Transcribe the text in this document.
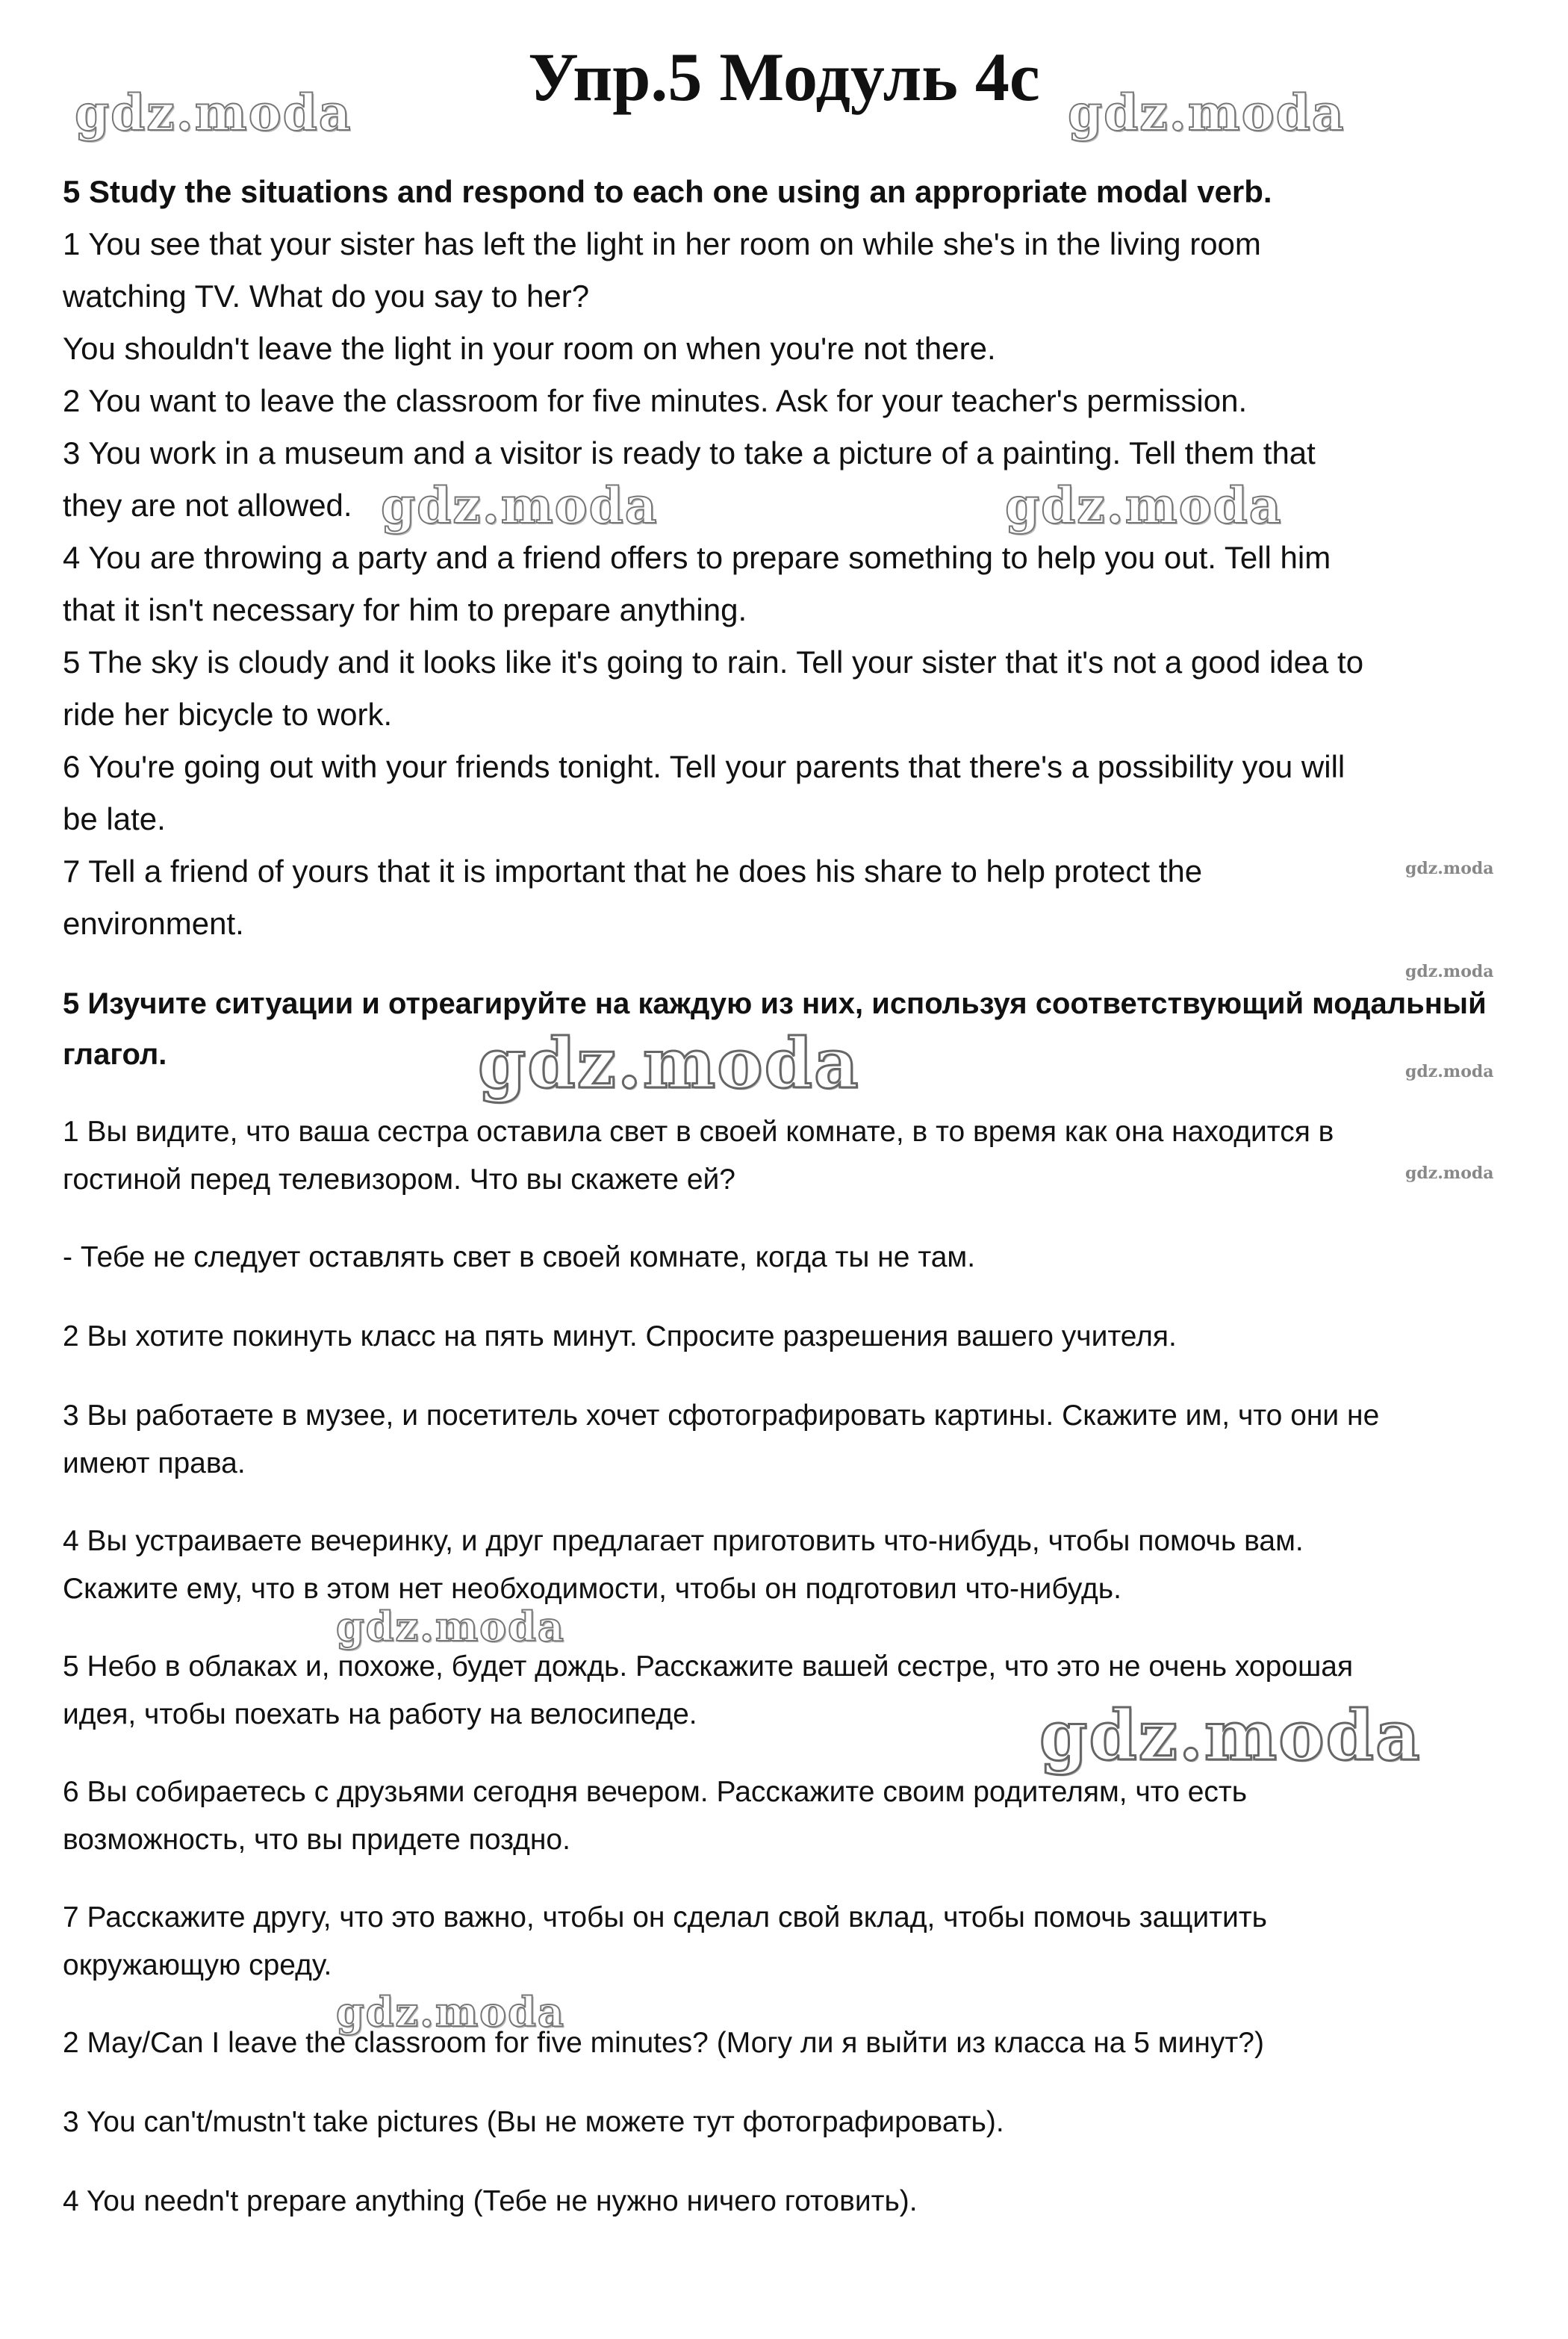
Упр.5 Модуль 4с

5 Study the situations and respond to each one using an appropriate modal verb.

1 You see that your sister has left the light in her room on while she's in the living room

watching TV. What do you say to her?

You shouldn't leave the light in your room on when you're not there.

2 You want to leave the classroom for five minutes. Ask for your teacher's permission.

3 You work in a museum and a visitor is ready to take a picture of a painting. Tell them that

they are not allowed.

4 You are throwing a party and a friend offers to prepare something to help you out. Tell him

that it isn't necessary for him to prepare anything.

5 The sky is cloudy and it looks like it's going to rain. Tell your sister that it's not a good idea to

ride her bicycle to work.

6 You're going out with your friends tonight. Tell your parents that there's a possibility you will

be late.

7 Tell a friend of yours that it is important that he does his share to help protect the

environment.

5 Изучите ситуации и отреагируйте на каждую из них, используя соответствующий модальный

глагол.

1 Вы видите, что ваша сестра оставила свет в своей комнате, в то время как она находится в

гостиной перед телевизором. Что вы скажете ей?

- Тебе не следует оставлять свет в своей комнате, когда ты не там.

2 Вы хотите покинуть класс на пять минут. Спросите разрешения вашего учителя.

3 Вы работаете в музее, и посетитель хочет сфотографировать картины. Скажите им, что они не

имеют права.

4 Вы устраиваете вечеринку, и друг предлагает приготовить что-нибудь, чтобы помочь вам.

Скажите ему, что в этом нет необходимости, чтобы он подготовил что-нибудь.

5 Небо в облаках и, похоже, будет дождь. Расскажите вашей сестре, что это не очень хорошая

идея, чтобы поехать на работу на велосипеде.

6 Вы собираетесь с друзьями сегодня вечером. Расскажите своим родителям, что есть

возможность, что вы придете поздно.

7 Расскажите другу, что это важно, чтобы он сделал свой вклад, чтобы помочь защитить

окружающую среду.

2 May/Can I leave the classroom for five minutes? (Могу ли я выйти из класса на 5 минут?)

3 You can't/mustn't take pictures (Вы не можете тут фотографировать).

4 You needn't prepare anything (Тебе не нужно ничего готовить).

gdz.moda	gdz.moda
gdz.moda	gdz.moda
gdz.moda
gdz.moda
gdz.moda
gdz.moda
gdz.moda
gdz.moda
gdz.moda
gdz.moda
